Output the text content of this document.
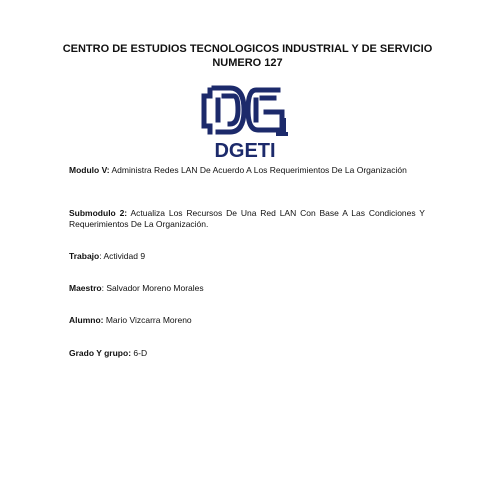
CENTRO DE ESTUDIOS TECNOLOGICOS INDUSTRIAL Y DE SERVICIO NUMERO 127
DGETI
Modulo V: Administra Redes LAN De Acuerdo A Los Requerimientos De La Organización
Submodulo 2: Actualiza Los Recursos De Una Red LAN Con Base A Las Condiciones Y Requerimientos De La Organización.
Trabajo: Actividad 9
Maestro: Salvador Moreno Morales
Alumno: Mario Vizcarra Moreno
Grado Y grupo: 6-D
